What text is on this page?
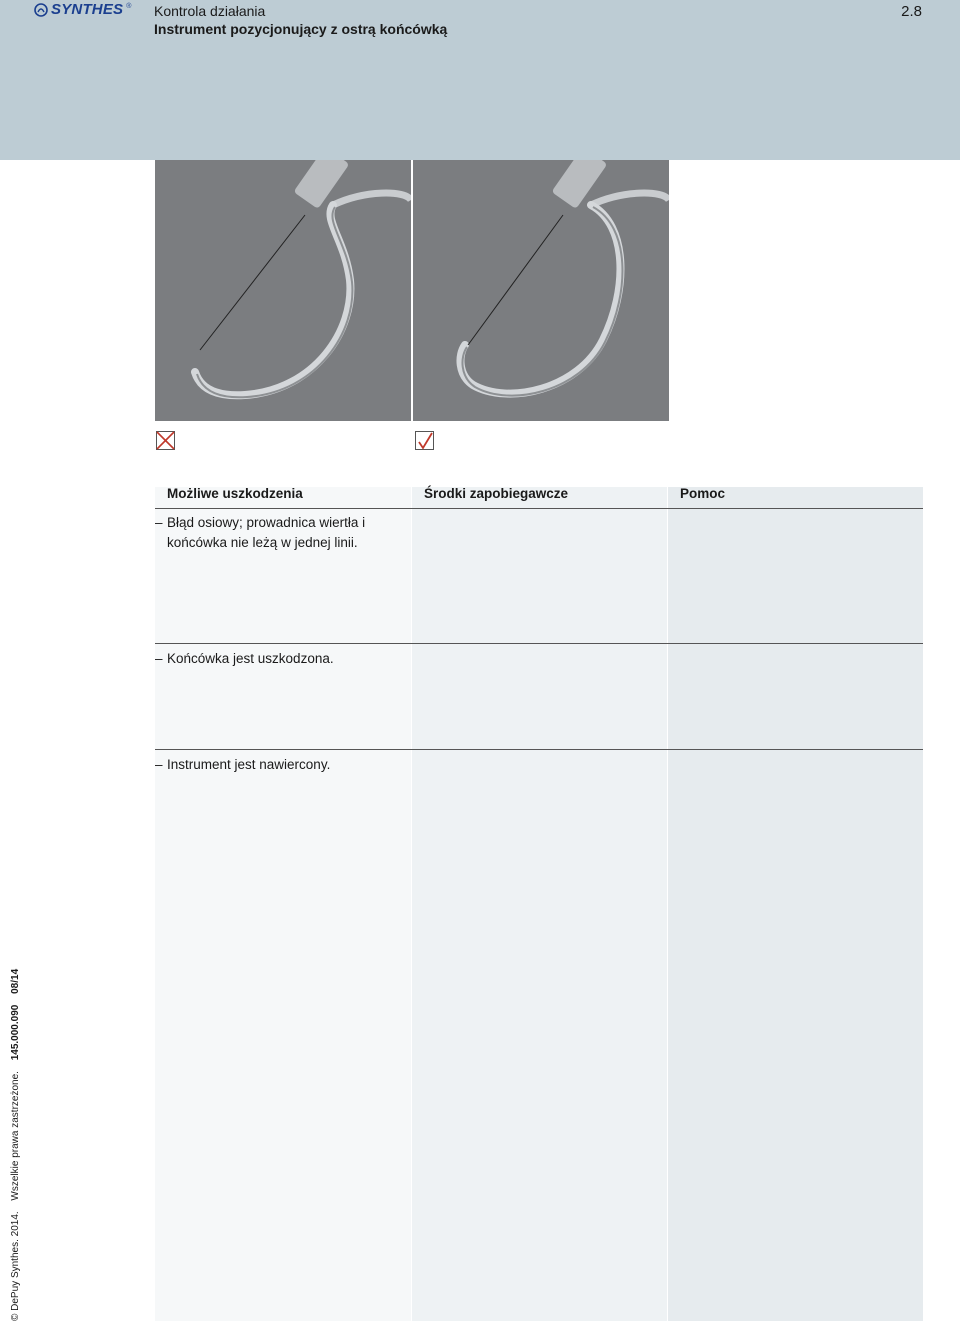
SYNTHES ® Kontrola działania
Instrument pozycjonujący z ostrą końcówką
2.8
Możliwe uszkodzenia	Środki zapobiegawcze	Pomoc
– Błąd osiowy; prowadnica wiertła i końcówka nie leżą w jednej linii.
– Końcówka jest uszkodzona.
– Instrument jest nawiercony.
© DePuy Synthes. 2014. Wszelkie prawa zastrzeżone. 145.000.090 08/14
